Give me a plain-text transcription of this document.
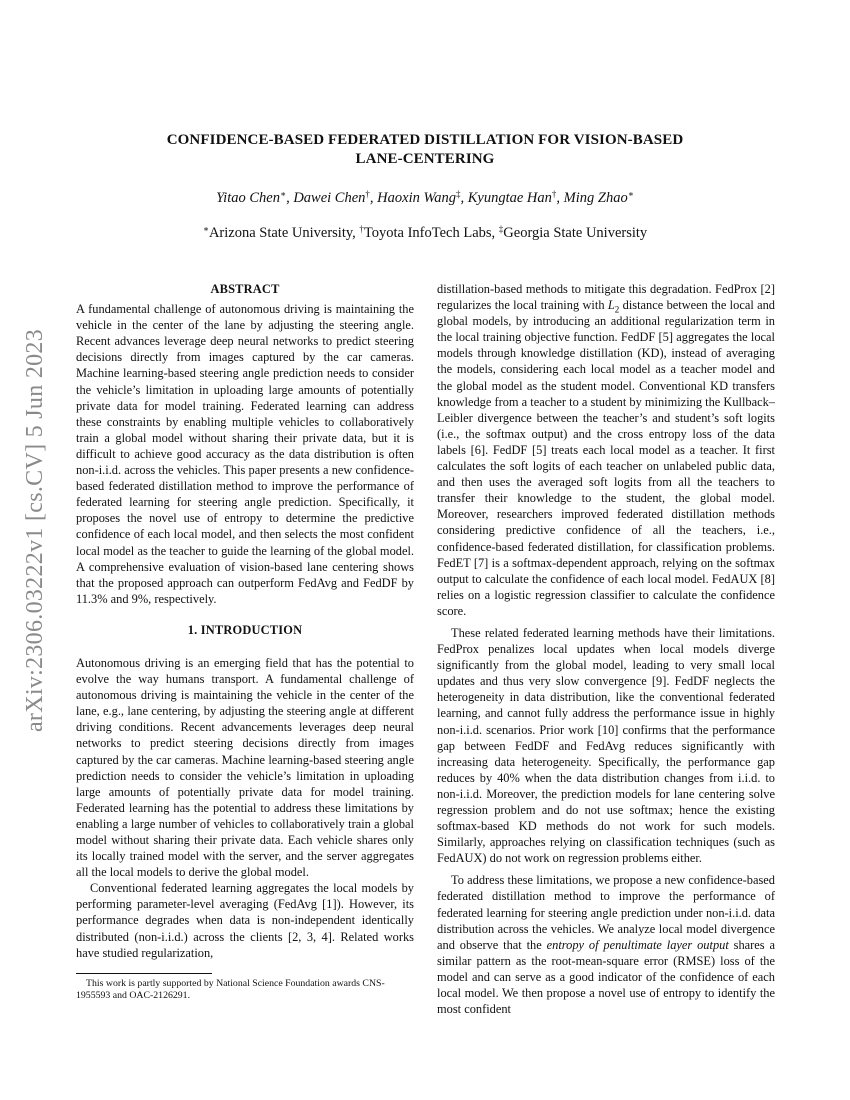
arXiv:2306.03222v1 [cs.CV] 5 Jun 2023
CONFIDENCE-BASED FEDERATED DISTILLATION FOR VISION-BASED
LANE-CENTERING
Yitao Chen∗, Dawei Chen†, Haoxin Wang‡, Kyungtae Han†, Ming Zhao∗
∗Arizona State University, †Toyota InfoTech Labs, ‡Georgia State University
ABSTRACT

A fundamental challenge of autonomous driving is maintaining the vehicle in the center of the lane by adjusting the steering angle. Recent advances leverage deep neural networks to predict steering decisions directly from images captured by the car cameras. Machine learning-based steering angle prediction needs to consider the vehicle’s limitation in uploading large amounts of potentially private data for model training. Federated learning can address these constraints by enabling multiple vehicles to collaboratively train a global model without sharing their private data, but it is difficult to achieve good accuracy as the data distribution is often non-i.i.d. across the vehicles. This paper presents a new confidence-based federated distillation method to improve the performance of federated learning for steering angle prediction. Specifically, it proposes the novel use of entropy to determine the predictive confidence of each local model, and then selects the most confident local model as the teacher to guide the learning of the global model. A comprehensive evaluation of vision-based lane centering shows that the proposed approach can outperform FedAvg and FedDF by 11.3% and 9%, respectively.

1. INTRODUCTION

Autonomous driving is an emerging field that has the potential to evolve the way humans transport. A fundamental challenge of autonomous driving is maintaining the vehicle in the center of the lane, e.g., lane centering, by adjusting the steering angle at different driving conditions. Recent advancements leverages deep neural networks to predict steering decisions directly from images captured by the car cameras. Machine learning-based steering angle prediction needs to consider the vehicle’s limitation in uploading large amounts of potentially private data for model training. Federated learning has the potential to address these limitations by enabling a large number of vehicles to collaboratively train a global model without sharing their private data. Each vehicle shares only its locally trained model with the server, and the server aggregates all the local models to derive the global model.

Conventional federated learning aggregates the local models by performing parameter-level averaging (FedAvg [1]). However, its performance degrades when data is non-independent identically distributed (non-i.i.d.) across the clients [2, 3, 4]. Related works have studied regularization,

This work is partly supported by National Science Foundation awards CNS-1955593 and OAC-2126291.

distillation-based methods to mitigate this degradation. FedProx [2] regularizes the local training with $L_2$ distance between the local and global models, by introducing an additional regularization term in the local training objective function. FedDF [5] aggregates the local models through knowledge distillation (KD), instead of averaging the models, considering each local model as a teacher model and the global model as the student model. Conventional KD transfers knowledge from a teacher to a student by minimizing the Kullback–Leibler divergence between the teacher’s and student’s soft logits (i.e., the softmax output) and the cross entropy loss of the data labels [6]. FedDF [5] treats each local model as a teacher. It first calculates the soft logits of each teacher on unlabeled public data, and then uses the averaged soft logits from all the teachers to transfer their knowledge to the student, the global model. Moreover, researchers improved federated distillation methods considering predictive confidence of all the teachers, i.e., confidence-based federated distillation, for classification problems. FedET [7] is a softmax-dependent approach, relying on the softmax output to calculate the confidence of each local model. FedAUX [8] relies on a logistic regression classifier to calculate the confidence score.

These related federated learning methods have their limitations. FedProx penalizes local updates when local models diverge significantly from the global model, leading to very small local updates and thus very slow convergence [9]. FedDF neglects the heterogeneity in data distribution, like the conventional federated learning, and cannot fully address the performance issue in highly non-i.i.d. scenarios. Prior work [10] confirms that the performance gap between FedDF and FedAvg reduces significantly with increasing data heterogeneity. Specifically, the performance gap reduces by 40% when the data distribution changes from i.i.d. to non-i.i.d. Moreover, the prediction models for lane centering solve regression problem and do not use softmax; hence the existing softmax-based KD methods do not work for such models. Similarly, approaches relying on classification techniques (such as FedAUX) do not work on regression problems either.

To address these limitations, we propose a new confidence-based federated distillation method to improve the performance of federated learning for steering angle prediction under non-i.i.d. data distribution across the vehicles. We analyze local model divergence and observe that the entropy of penultimate layer output shares a similar pattern as the root-mean-square error (RMSE) loss of the model and can serve as a good indicator of the confidence of each local model. We then propose a novel use of entropy to identify the most confident
